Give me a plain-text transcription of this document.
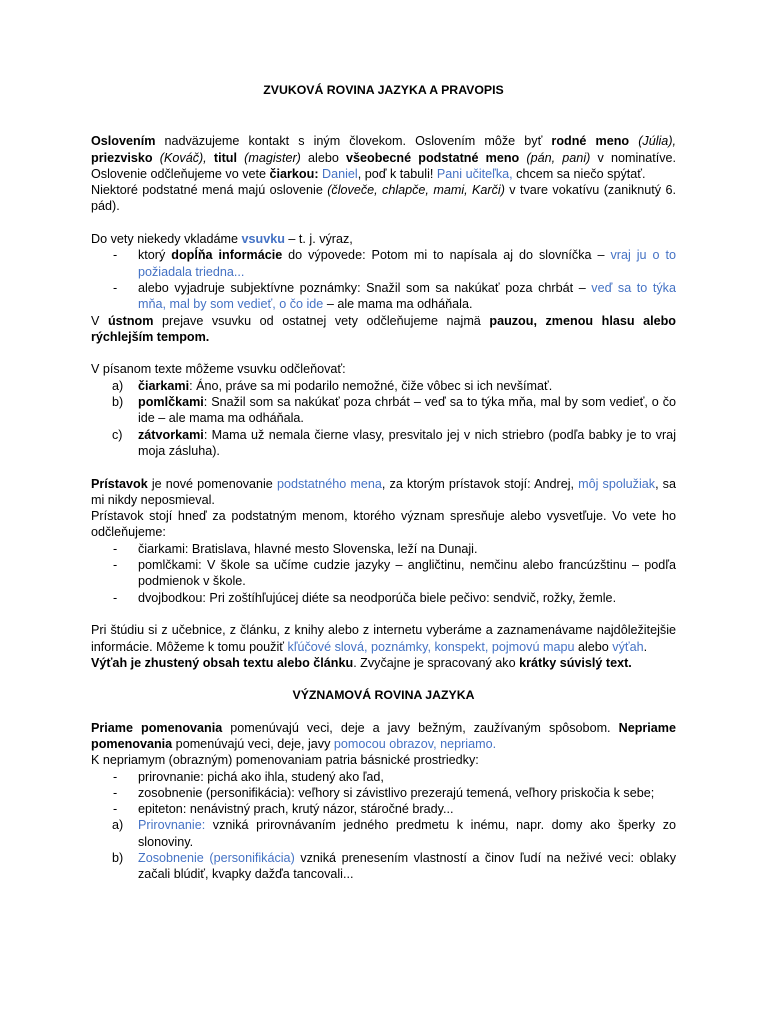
ZVUKOVÁ ROVINA JAZYKA A PRAVOPIS

Oslovením nadväzujeme kontakt s iným človekom. Oslovením môže byť rodné meno (Júlia), priezvisko (Kováč), titul (magister) alebo všeobecné podstatné meno (pán, pani) v nominatíve. Oslovenie odčleňujeme vo vete čiarkou: Daniel, poď k tabuli! Pani učiteľka, chcem sa niečo spýtať.

Niektoré podstatné mená majú oslovenie (človeče, chlapče, mami, Karči) v tvare vokatívu (zaniknutý 6. pád).

Do vety niekedy vkladáme vsuvku – t. j. výraz,

- ktorý dopĺňa informácie do výpovede: Potom mi to napísala aj do slovníčka – vraj ju o to požiadala triedna...
- alebo vyjadruje subjektívne poznámky: Snažil som sa nakúkať poza chrbát – veď sa to týka mňa, mal by som vedieť, o čo ide – ale mama ma odháňala.

V ústnom prejave vsuvku od ostatnej vety odčleňujeme najmä pauzou, zmenou hlasu alebo rýchlejším tempom.

V písanom texte môžeme vsuvku odčleňovať:

a) čiarkami: Áno, práve sa mi podarilo nemožné, čiže vôbec si ich nevšímať.
b) pomlčkami: Snažil som sa nakúkať poza chrbát – veď sa to týka mňa, mal by som vedieť, o čo ide – ale mama ma odháňala.
c) zátvorkami: Mama už nemala čierne vlasy, presvitalo jej v nich striebro (podľa babky je to vraj moja zásluha).

Prístavok je nové pomenovanie podstatného mena, za ktorým prístavok stojí: Andrej, môj spolužiak, sa mi nikdy neposmieval.

Prístavok stojí hneď za podstatným menom, ktorého význam spresňuje alebo vysvetľuje. Vo vete ho odčleňujeme:

- čiarkami: Bratislava, hlavné mesto Slovenska, leží na Dunaji.
- pomlčkami: V škole sa učíme cudzie jazyky – angličtinu, nemčinu alebo francúzštinu – podľa podmienok v škole.
- dvojbodkou: Pri zoštíhľujúcej diéte sa neodporúča biele pečivo: sendvič, rožky, žemle.

Pri štúdiu si z učebnice, z článku, z knihy alebo z internetu vyberáme a zaznamenávame najdôležitejšie informácie. Môžeme k tomu použiť kľúčové slová, poznámky, konspekt, pojmovú mapu alebo výťah.

Výťah je zhustený obsah textu alebo článku. Zvyčajne je spracovaný ako krátky súvislý text.

VÝZNAMOVÁ ROVINA JAZYKA

Priame pomenovania pomenúvajú veci, deje a javy bežným, zaužívaným spôsobom. Nepriame pomenovania pomenúvajú veci, deje, javy pomocou obrazov, nepriamo.

K nepriamym (obrazným) pomenovaniam patria básnické prostriedky:

- prirovnanie: pichá ako ihla, studený ako ľad,
- zosobnenie (personifikácia): veľhory si závistlivo prezerajú temená, veľhory priskočia k sebe;
- epiteton: nenávistný prach, krutý názor, stáročné brady...
a) Prirovnanie: vzniká prirovnávaním jedného predmetu k inému, napr. domy ako šperky zo slonoviny.
b) Zosobnenie (personifikácia) vzniká prenesením vlastností a činov ľudí na neživé veci: oblaky začali blúdiť, kvapky dažďa tancovali...
